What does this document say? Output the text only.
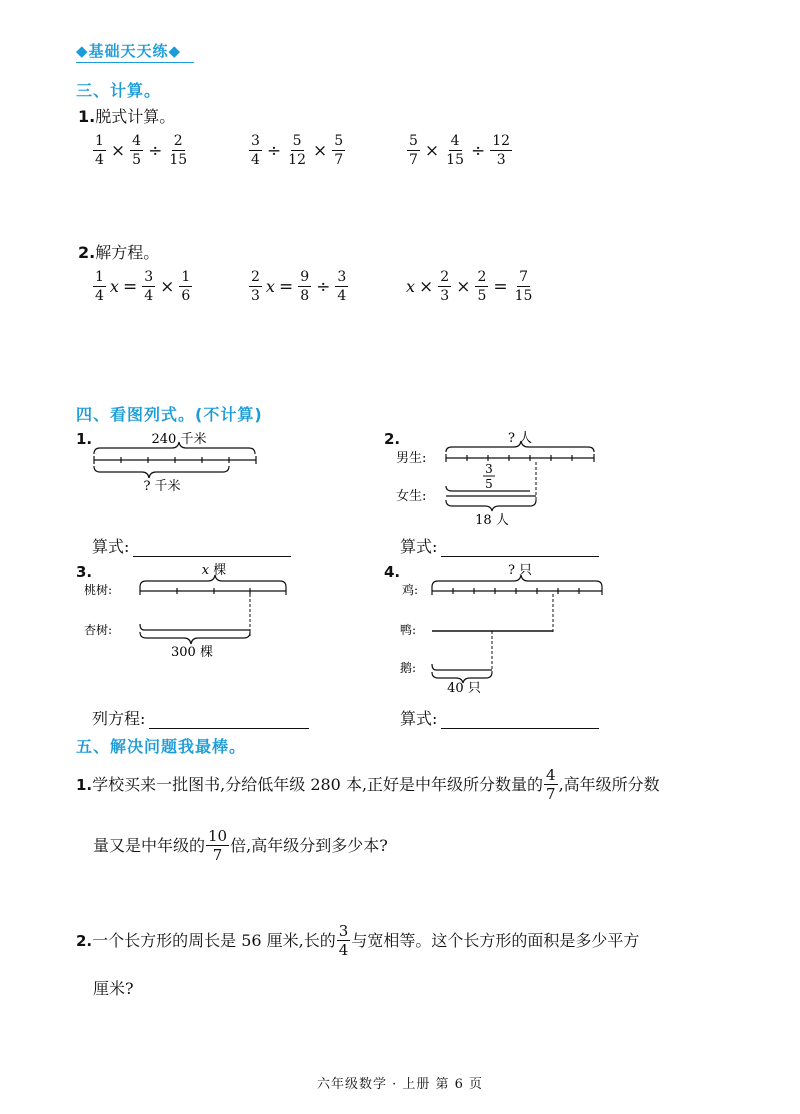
◆基础天天练◆
三、计算。
1.脱式计算。
$\frac{1}{4} \times \frac{4}{5} \div \frac{2}{15}$	$\frac{3}{4} \div \frac{5}{12} \times \frac{5}{7}$	$\frac{5}{7} \times \frac{4}{15} \div \frac{12}{3}$
2.解方程。
$\frac{1}{4}$ $x = \frac{3}{4} \times \frac{1}{6}$	$\frac{2}{3}$ $x = \frac{9}{8} \div \frac{3}{4}$	$x \times \frac{2}{3} \times \frac{2}{5} = \frac{7}{15}$
四、看图列式。(不计算)
1.	240 千米
? 千米
算式:
2.	? 人
男生:
3
5
女生:
18 人
算式:
3.	x 棵
桃树:
杏树:
300 棵
列方程:
4.	? 只
鸡:
鸭:
鹅:
40 只
算式:
五、解决问题我最棒。
1. 学校买来一批图书,分给低年级 280 本,正好是中年级所分数量的 $\frac{4}{7}$ ,高年级所分数
量又是中年级的 $\frac{10}{7}$ 倍,高年级分到多少本?
2. 一个长方形的周长是 56 厘米,长的 $\frac{3}{4}$ 与宽相等。这个长方形的面积是多少平方
厘米?
六年级数学 · 上册 第 6 页
